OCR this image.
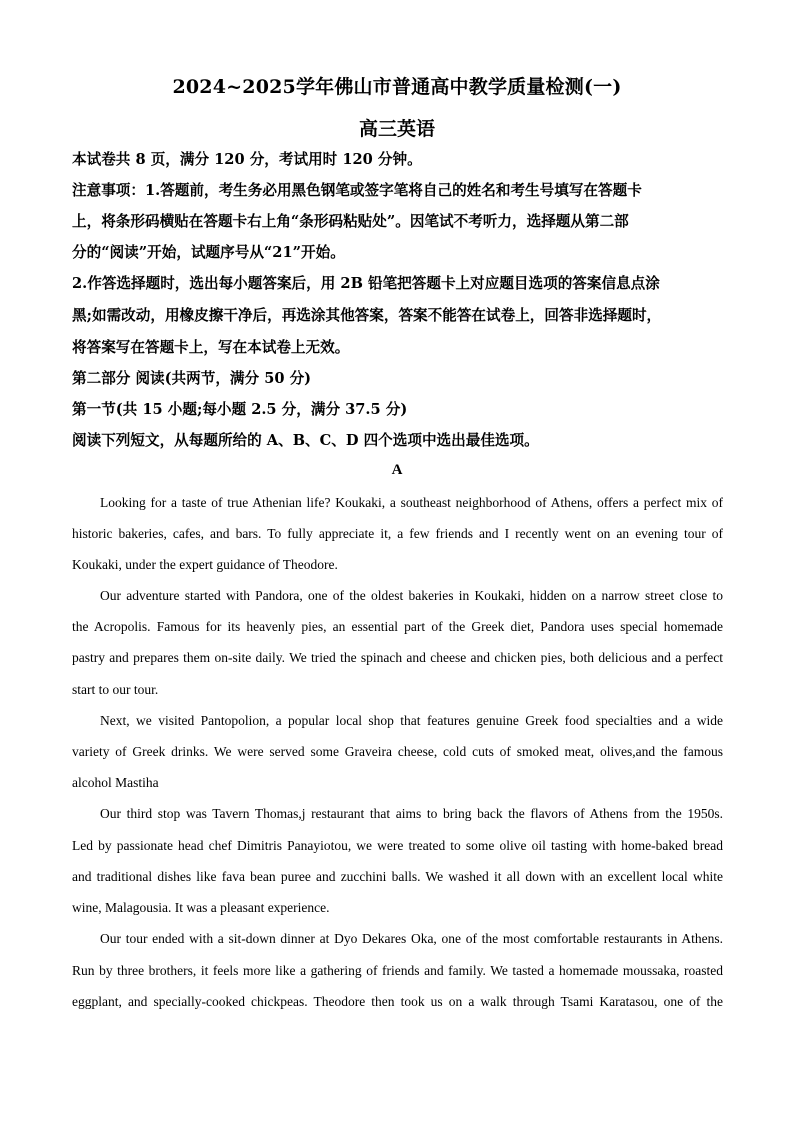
2024~2025学年佛山市普通高中教学质量检测(一)
高三英语
本试卷共 8 页，满分 120 分，考试用时 120 分钟。
注意事项：1.答题前，考生务必用黑色钢笔或签字笔将自己的姓名和考生号填写在答题卡
上，将条形码横贴在答题卡右上角“条形码粘贴处”。因笔试不考听力，选择题从第二部
分的“阅读”开始，试题序号从“21”开始。
2.作答选择题时，选出每小题答案后，用 2B 铅笔把答题卡上对应题目选项的答案信息点涂
黑;如需改动，用橡皮擦干净后，再选涂其他答案，答案不能答在试卷上，回答非选择题时，
将答案写在答题卡上，写在本试卷上无效。
第二部分 阅读(共两节，满分 50 分)
第一节(共 15 小题;每小题 2.5 分，满分 37.5 分)
阅读下列短文，从每题所给的 A、B、C、D 四个选项中选出最佳选项。
A
Looking for a taste of true Athenian life? Koukaki, a southeast neighborhood of Athens, offers a perfect mix of
historic bakeries, cafes, and bars. To fully appreciate it, a few friends and I recently went on an evening tour of
Koukaki, under the expert guidance of Theodore.
Our adventure started with Pandora, one of the oldest bakeries in Koukaki, hidden on a narrow street close to
the Acropolis. Famous for its heavenly pies, an essential part of the Greek diet, Pandora uses special homemade
pastry and prepares them on-site daily. We tried the spinach and cheese and chicken pies, both delicious and a perfect
start to our tour.
Next, we visited Pantopolion, a popular local shop that features genuine Greek food specialties and a wide
variety of Greek drinks. We were served some Graveira cheese, cold cuts of smoked meat, olives,and the famous
alcohol Mastiha
Our third stop was Tavern Thomas,j restaurant that aims to bring back the flavors of Athens from the 1950s.
Led by passionate head chef Dimitris Panayiotou, we were treated to some olive oil tasting with home-baked bread
and traditional dishes like fava bean puree and zucchini balls. We washed it all down with an excellent local white
wine, Malagousia. It was a pleasant experience.
Our tour ended with a sit-down dinner at Dyo Dekares Oka, one of the most comfortable restaurants in Athens.
Run by three brothers, it feels more like a gathering of friends and family. We tasted a homemade moussaka, roasted
eggplant, and specially-cooked chickpeas. Theodore then took us on a walk through Tsami Karatasou, one of the
